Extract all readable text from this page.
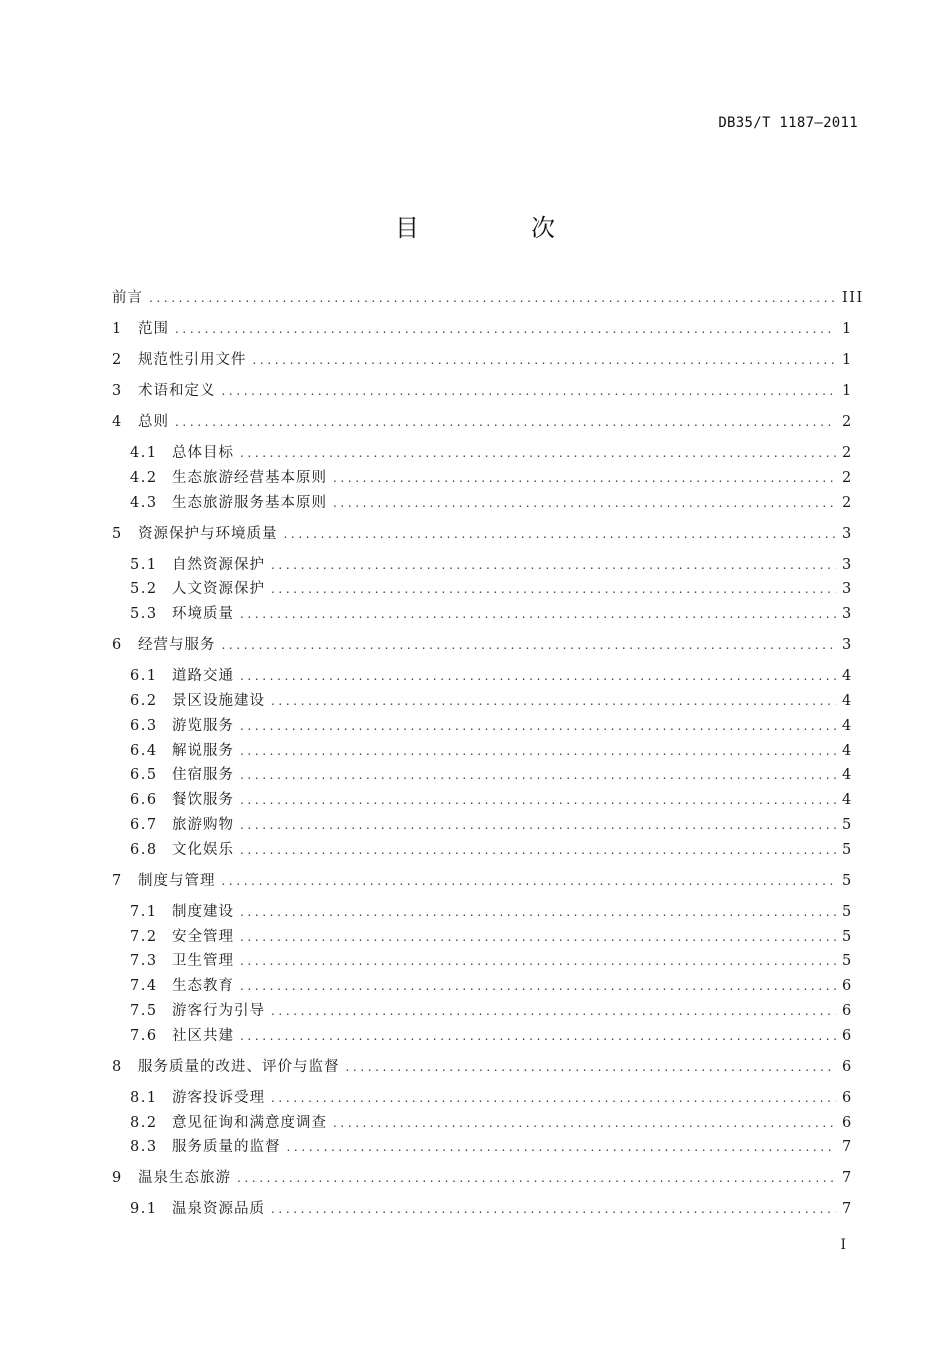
DB35/T 1187—2011
目　次
前言 .....	III
1	范围 .....	1
2	规范性引用文件 .....	1
3	术语和定义 .....	1
4	总则 .....	2
4.1 总体目标 .....	2
4.2 生态旅游经营基本原则 .....	2
4.3 生态旅游服务基本原则 .....	2
5	资源保护与环境质量 .....	3
5.1 自然资源保护 .....	3
5.2 人文资源保护 .....	3
5.3 环境质量 .....	3
6	经营与服务 .....	3
6.1 道路交通 .....	4
6.2 景区设施建设 .....	4
6.3 游览服务 .....	4
6.4 解说服务 .....	4
6.5 住宿服务 .....	4
6.6 餐饮服务 .....	4
6.7 旅游购物 .....	5
6.8 文化娱乐 .....	5
7	制度与管理 .....	5
7.1 制度建设 .....	5
7.2 安全管理 .....	5
7.3 卫生管理 .....	5
7.4 生态教育 .....	6
7.5 游客行为引导 .....	6
7.6 社区共建 .....	6
8	服务质量的改进、评价与监督 .....	6
8.1 游客投诉受理 .....	6
8.2 意见征询和满意度调查 .....	6
8.3 服务质量的监督 .....	7
9	温泉生态旅游 .....	7
9.1 温泉资源品质 .....	7
I
